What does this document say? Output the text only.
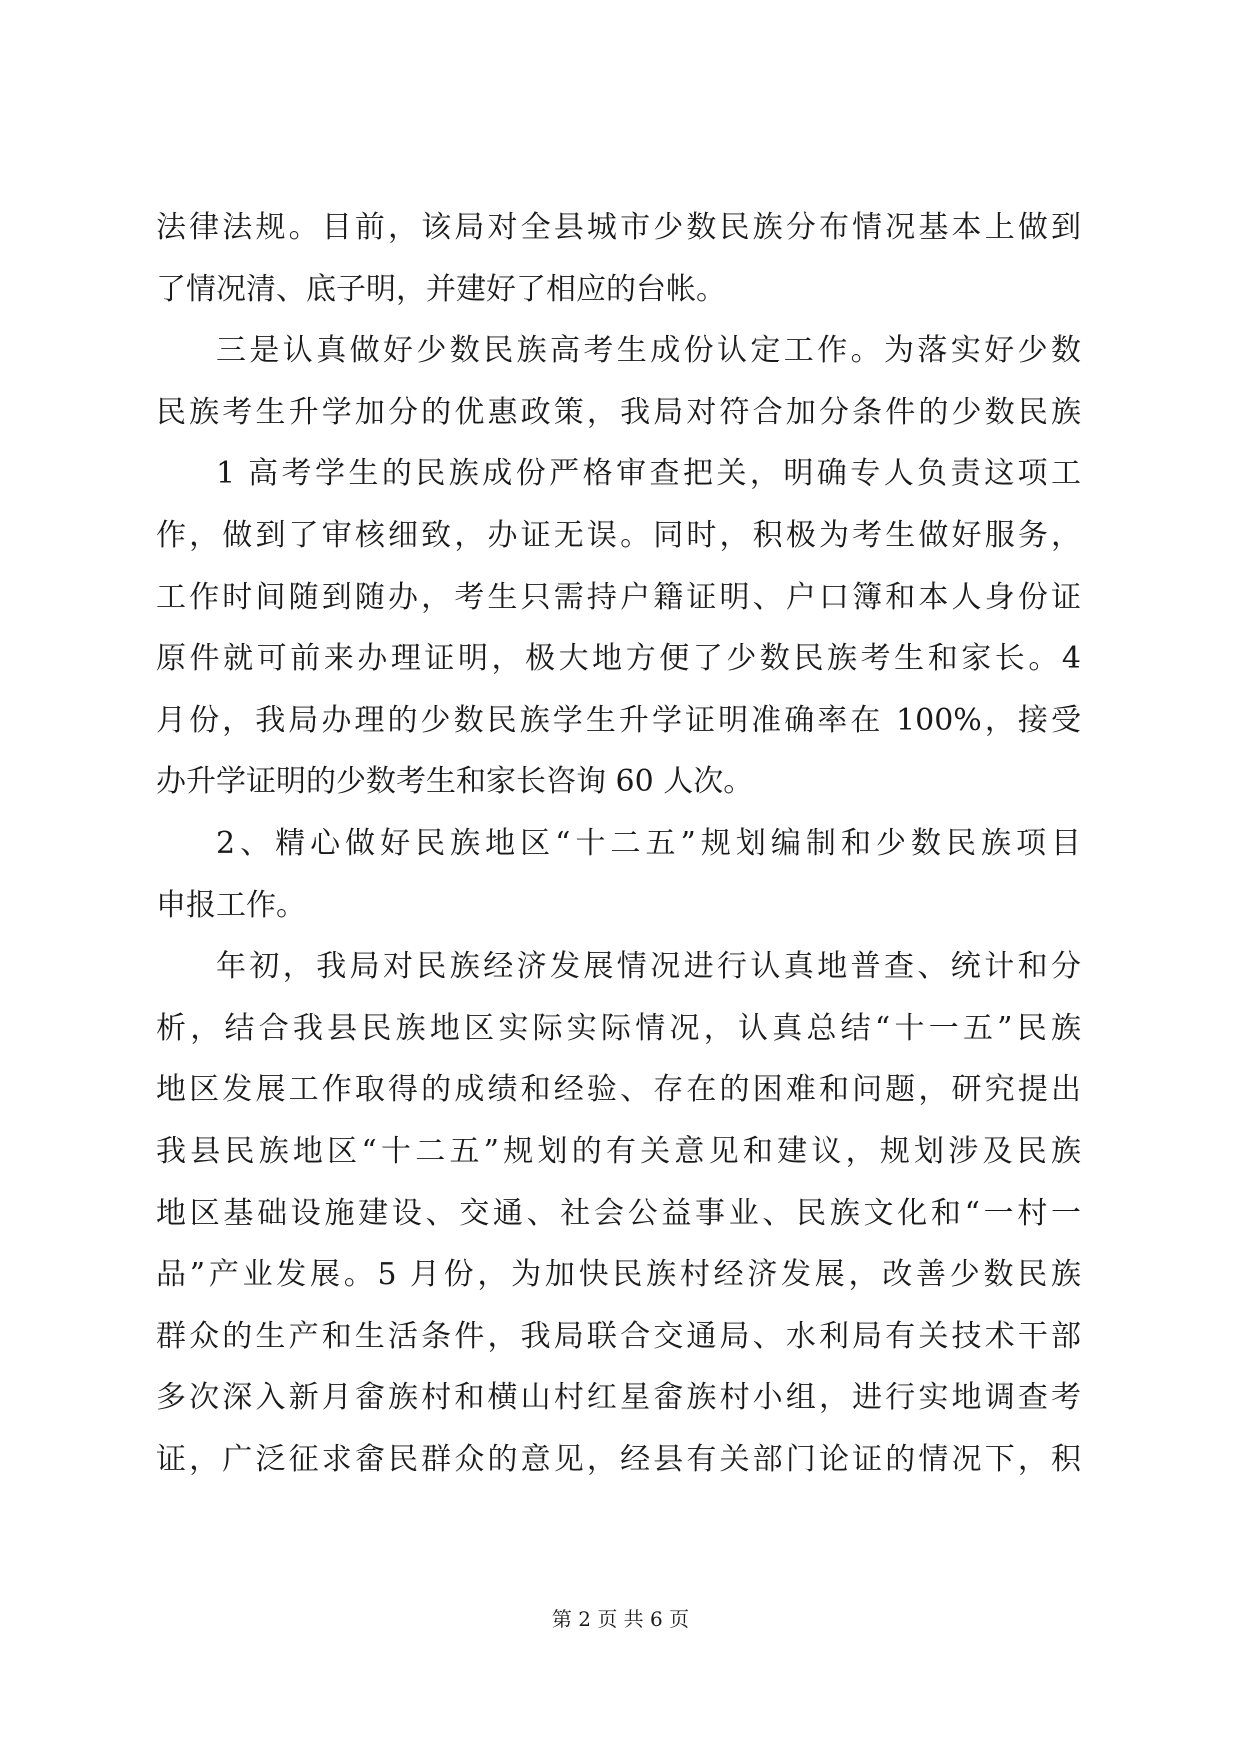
法律法规。目前，该局对全县城市少数民族分布情况基本上做到
了情况清、底子明，并建好了相应的台帐。
三是认真做好少数民族高考生成份认定工作。为落实好少数
民族考生升学加分的优惠政策，我局对符合加分条件的少数民族
1 高考学生的民族成份严格审查把关，明确专人负责这项工
作，做到了审核细致，办证无误。同时，积极为考生做好服务，
工作时间随到随办，考生只需持户籍证明、户口簿和本人身份证
原件就可前来办理证明，极大地方便了少数民族考生和家长。4
月份，我局办理的少数民族学生升学证明准确率在 100%，接受
办升学证明的少数考生和家长咨询 60 人次。
2、精心做好民族地区“十二五”规划编制和少数民族项目
申报工作。
年初，我局对民族经济发展情况进行认真地普查、统计和分
析，结合我县民族地区实际实际情况，认真总结“十一五”民族
地区发展工作取得的成绩和经验、存在的困难和问题，研究提出
我县民族地区“十二五”规划的有关意见和建议，规划涉及民族
地区基础设施建设、交通、社会公益事业、民族文化和“一村一
品”产业发展。5 月份，为加快民族村经济发展，改善少数民族
群众的生产和生活条件，我局联合交通局、水利局有关技术干部
多次深入新月畲族村和横山村红星畲族村小组，进行实地调查考
证，广泛征求畲民群众的意见，经县有关部门论证的情况下，积
第 2 页 共 6 页
